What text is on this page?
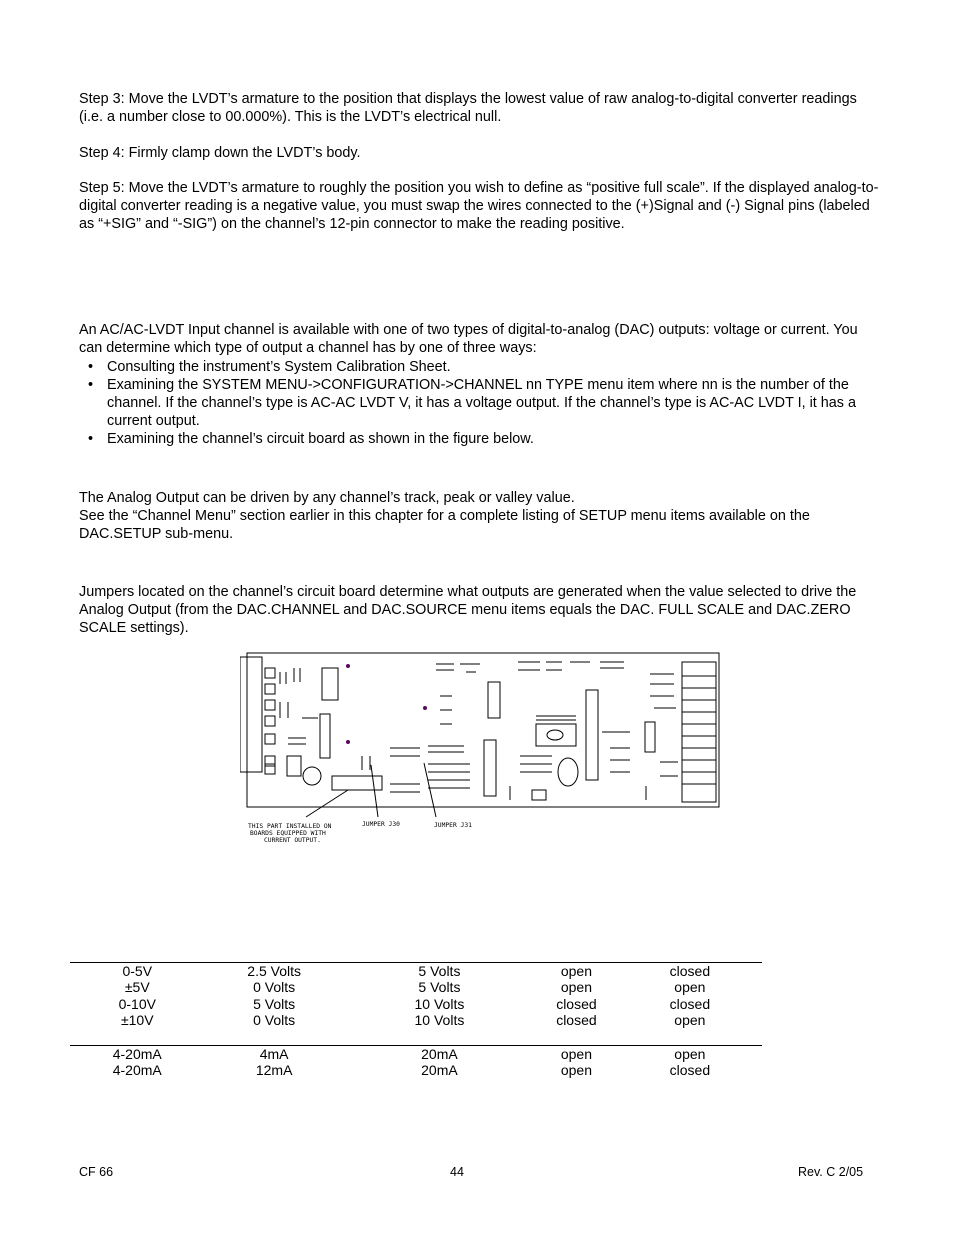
Step 3: Move the LVDT’s armature to the position that displays the lowest value of raw analog-to-digital converter readings (i.e. a number close to 00.000%). This is the LVDT’s electrical null.

Step 4: Firmly clamp down the LVDT’s body.

Step 5: Move the LVDT’s armature to roughly the position you wish to define as “positive full scale”. If the displayed analog-to-digital converter reading is a negative value, you must swap the wires connected to the (+)Signal and (-) Signal pins (labeled as “+SIG” and “-SIG”) on the channel’s 12-pin connector to make the reading positive.

An AC/AC-LVDT Input channel is available with one of two types of digital-to-analog (DAC) outputs: voltage or current. You can determine which type of output a channel has by one of three ways:

• Consulting the instrument’s System Calibration Sheet.
• Examining the SYSTEM MENU->CONFIGURATION->CHANNEL nn TYPE menu item where nn is the number of the channel. If the channel’s type is AC-AC LVDT V, it has a voltage output. If the channel’s type is AC-AC LVDT I, it has a current output.
• Examining the channel’s circuit board as shown in the figure below.

The Analog Output can be driven by any channel’s track, peak or valley value.

See the “Channel Menu” section earlier in this chapter for a complete listing of SETUP menu items available on the DAC.SETUP sub-menu.

Jumpers located on the channel’s circuit board determine what outputs are generated when the value selected to drive the Analog Output (from the DAC.CHANNEL and DAC.SOURCE menu items equals the DAC. FULL SCALE and DAC.ZERO SCALE settings).

THIS PART INSTALLED ON
BOARDS EQUIPPED WITH
CURRENT OUTPUT.
JUMPER J30	JUMPER J31
0-5V	2.5 Volts	5 Volts	open	closed
±5V	0 Volts	5 Volts	open	open
0-10V	5 Volts	10 Volts	closed	closed
±10V	0 Volts	10 Volts	closed	open

4-20mA	4mA	20mA	open	open
4-20mA	12mA	20mA	open	closed
CF 66	44	Rev. C 2/05
